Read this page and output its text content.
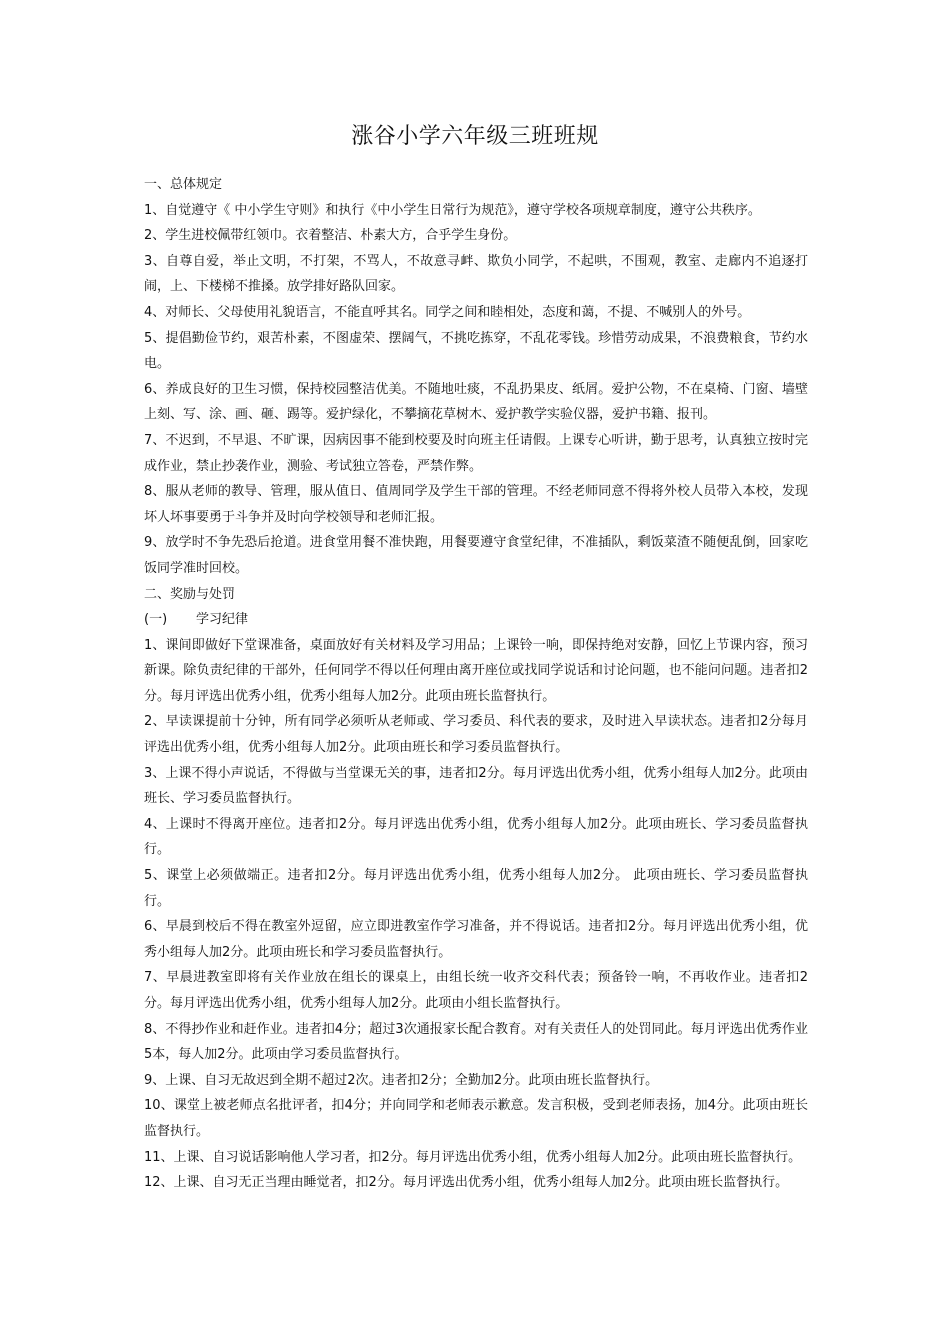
涨谷小学六年级三班班规

一、总体规定

1、自觉遵守《 中小学生守则》和执行《中小学生日常行为规范》，遵守学校各项规章制度，遵守公共秩序。

2、学生进校佩带红领巾。衣着整洁、朴素大方，合乎学生身份。

3、自尊自爱，举止文明，不打架，不骂人，不故意寻衅、欺负小同学，不起哄，不围观，教室、走廊内不追逐打闹，上、下楼梯不推搡。放学排好路队回家。

4、对师长、父母使用礼貌语言，不能直呼其名。同学之间和睦相处，态度和蔼，不提、不喊别人的外号。

5、提倡勤俭节约，艰苦朴素，不图虚荣、摆阔气，不挑吃拣穿，不乱花零钱。珍惜劳动成果，不浪费粮食，节约水电。

6、养成良好的卫生习惯，保持校园整洁优美。不随地吐痰，不乱扔果皮、纸屑。爱护公物，不在桌椅、门窗、墙壁上刻、写、涂、画、砸、踢等。爱护绿化，不攀摘花草树木、爱护教学实验仪器，爱护书籍、报刊。

7、不迟到，不早退、不旷课，因病因事不能到校要及时向班主任请假。上课专心听讲，勤于思考，认真独立按时完成作业，禁止抄袭作业，测验、考试独立答卷，严禁作弊。

8、服从老师的教导、管理，服从值日、值周同学及学生干部的管理。不经老师同意不得将外校人员带入本校，发现坏人坏事要勇于斗争并及时向学校领导和老师汇报。

9、放学时不争先恐后抢道。进食堂用餐不准快跑，用餐要遵守食堂纪律，不准插队，剩饭菜渣不随便乱倒，回家吃饭同学准时回校。

二、奖励与处罚

(一) 学习纪律

1、课间即做好下堂课准备，桌面放好有关材料及学习用品；上课铃一响，即保持绝对安静，回忆上节课内容，预习新课。除负责纪律的干部外，任何同学不得以任何理由离开座位或找同学说话和讨论问题，也不能问问题。违者扣2分。每月评选出优秀小组，优秀小组每人加2分。此项由班长监督执行。

2、早读课提前十分钟，所有同学必须听从老师或、学习委员、科代表的要求，及时进入早读状态。违者扣2分每月评选出优秀小组，优秀小组每人加2分。此项由班长和学习委员监督执行。

3、上课不得小声说话，不得做与当堂课无关的事，违者扣2分。每月评选出优秀小组，优秀小组每人加2分。此项由班长、学习委员监督执行。

4、上课时不得离开座位。违者扣2分。每月评选出优秀小组，优秀小组每人加2分。此项由班长、学习委员监督执行。

5、课堂上必须做端正。违者扣2分。每月评选出优秀小组，优秀小组每人加2分。 此项由班长、学习委员监督执行。

6、早晨到校后不得在教室外逗留，应立即进教室作学习准备，并不得说话。违者扣2分。每月评选出优秀小组，优秀小组每人加2分。此项由班长和学习委员监督执行。

7、早晨进教室即将有关作业放在组长的课桌上，由组长统一收齐交科代表；预备铃一响，不再收作业。违者扣2分。每月评选出优秀小组，优秀小组每人加2分。此项由小组长监督执行。

8、不得抄作业和赶作业。违者扣4分；超过3次通报家长配合教育。对有关责任人的处罚同此。每月评选出优秀作业5本，每人加2分。此项由学习委员监督执行。

9、上课、自习无故迟到全期不超过2次。违者扣2分；全勤加2分。此项由班长监督执行。

10、课堂上被老师点名批评者，扣4分；并向同学和老师表示歉意。发言积极，受到老师表扬，加4分。此项由班长监督执行。

11、上课、自习说话影响他人学习者，扣2分。每月评选出优秀小组，优秀小组每人加2分。此项由班长监督执行。

12、上课、自习无正当理由睡觉者，扣2分。每月评选出优秀小组，优秀小组每人加2分。此项由班长监督执行。
